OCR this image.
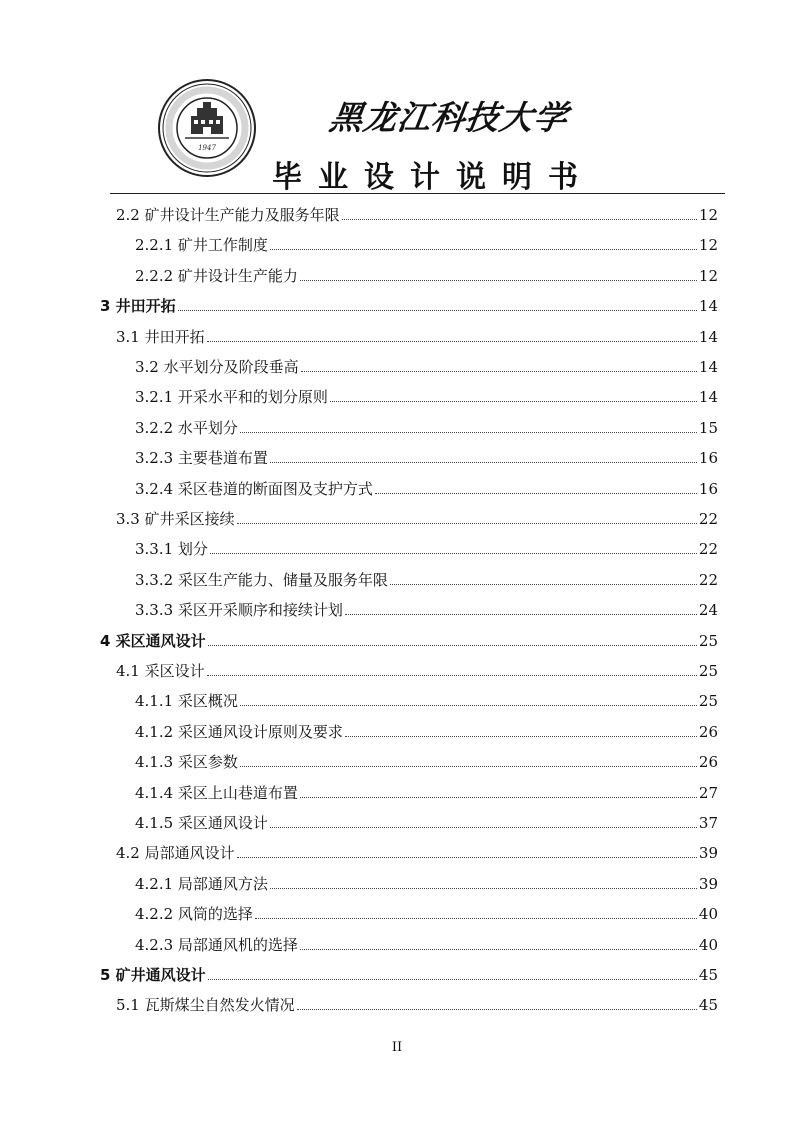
1947
黑龙江科技大学
毕业设计说明书
2.2 矿井设计生产能力及服务年限	12
2.2.1 矿井工作制度	12
2.2.2 矿井设计生产能力	12
3 井田开拓	14
3.1 井田开拓	14
3.2 水平划分及阶段垂高	14
3.2.1 开采水平和的划分原则	14
3.2.2 水平划分	15
3.2.3 主要巷道布置	16
3.2.4 采区巷道的断面图及支护方式	16
3.3 矿井采区接续	22
3.3.1 划分	22
3.3.2 采区生产能力、储量及服务年限	22
3.3.3 采区开采顺序和接续计划	24
4 采区通风设计	25
4.1 采区设计	25
4.1.1 采区概况	25
4.1.2 采区通风设计原则及要求	26
4.1.3 采区参数	26
4.1.4 采区上山巷道布置	27
4.1.5 采区通风设计	37
4.2 局部通风设计	39
4.2.1 局部通风方法	39
4.2.2 风筒的选择	40
4.2.3 局部通风机的选择	40
5 矿井通风设计	45
5.1 瓦斯煤尘自然发火情况	45
II
